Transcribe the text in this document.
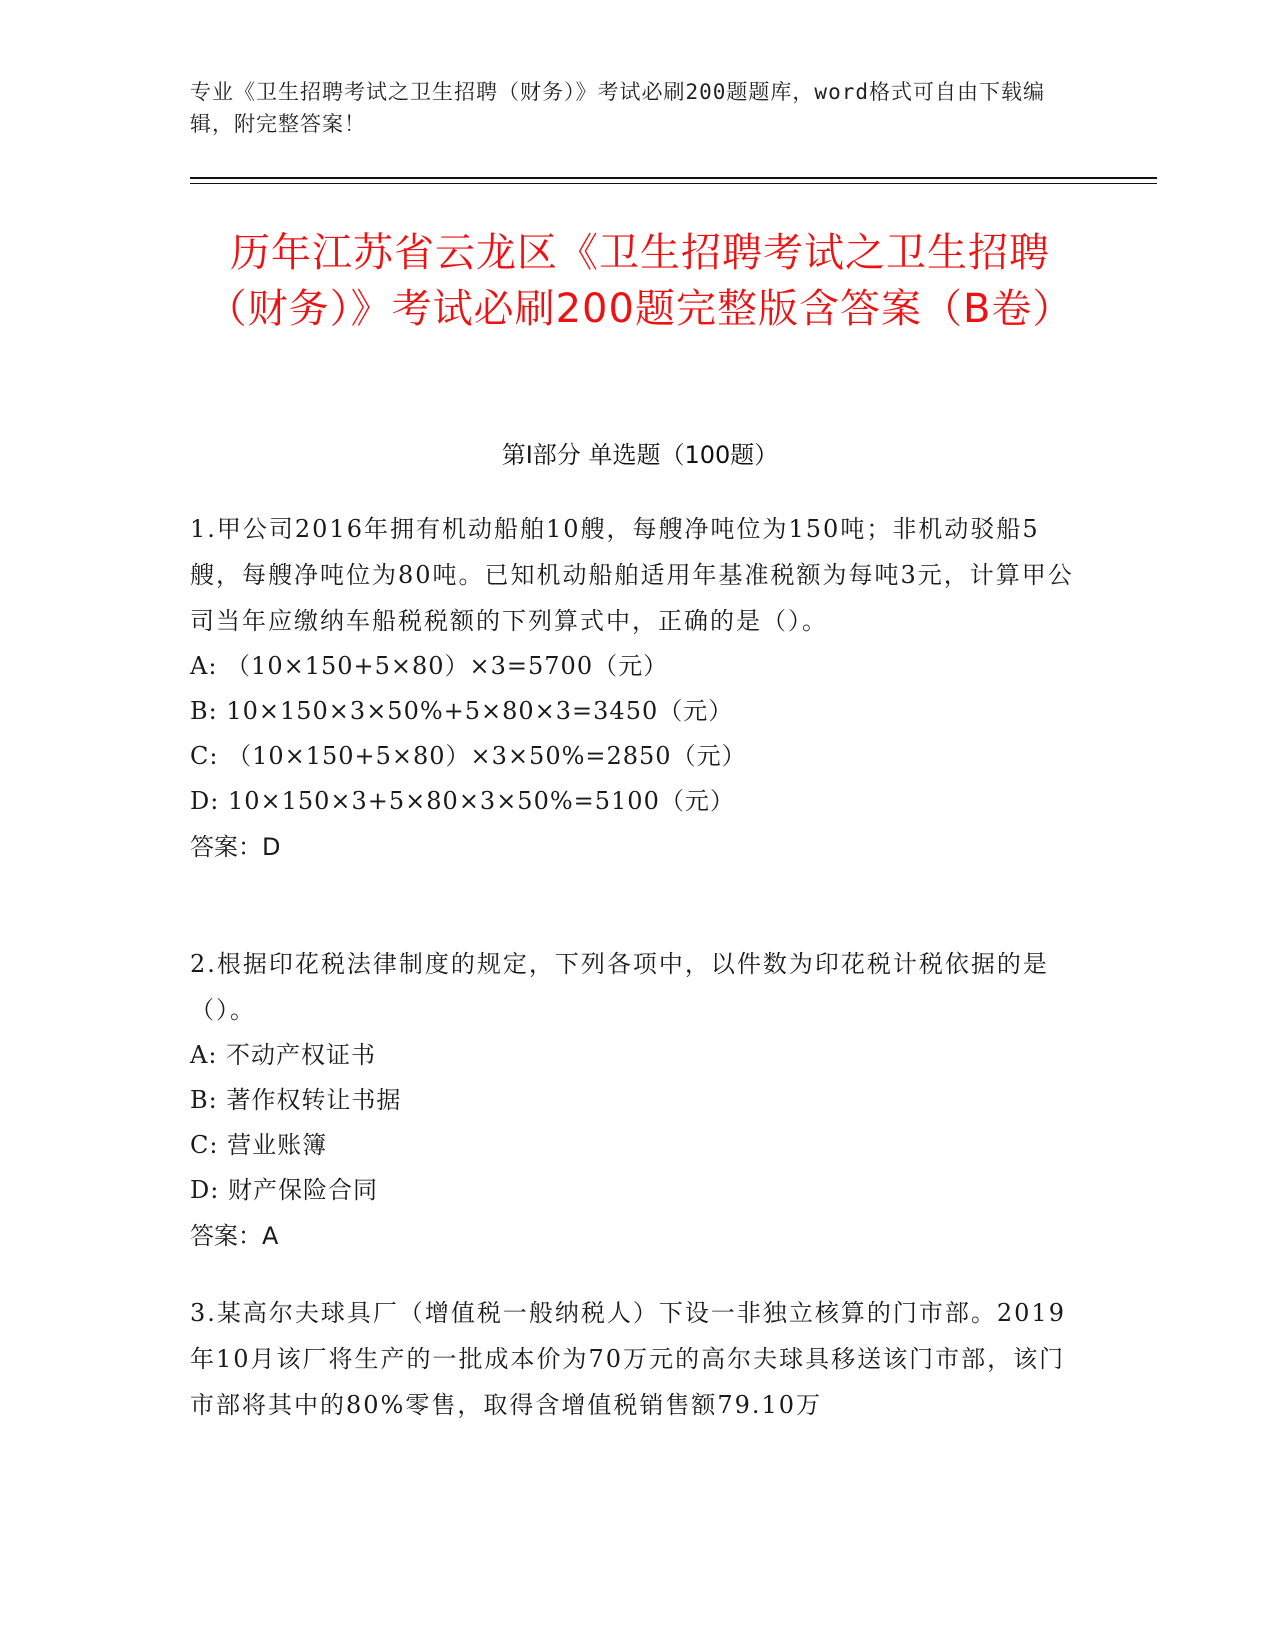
专业《卫生招聘考试之卫生招聘（财务）》考试必刷200题题库，word格式可自由下载编辑，附完整答案！
历年江苏省云龙区《卫生招聘考试之卫生招聘（财务）》考试必刷200题完整版含答案（B卷）
第I部分 单选题（100题）

1.甲公司2016年拥有机动船舶10艘，每艘净吨位为150吨；非机动驳船5艘，每艘净吨位为80吨。已知机动船舶适用年基准税额为每吨3元，计算甲公司当年应缴纳车船税税额的下列算式中，正确的是（）。

A: （10×150+5×80）×3=5700（元）

B: 10×150×3×50%+5×80×3=3450（元）

C: （10×150+5×80）×3×50%=2850（元）

D: 10×150×3+5×80×3×50%=5100（元）

答案：D

2.根据印花税法律制度的规定，下列各项中，以件数为印花税计税依据的是（）。

A: 不动产权证书

B: 著作权转让书据

C: 营业账簿

D: 财产保险合同

答案：A

3.某高尔夫球具厂（增值税一般纳税人）下设一非独立核算的门市部。2019年10月该厂将生产的一批成本价为70万元的高尔夫球具移送该门市部，该门市部将其中的80%零售，取得含增值税销售额79.10万
